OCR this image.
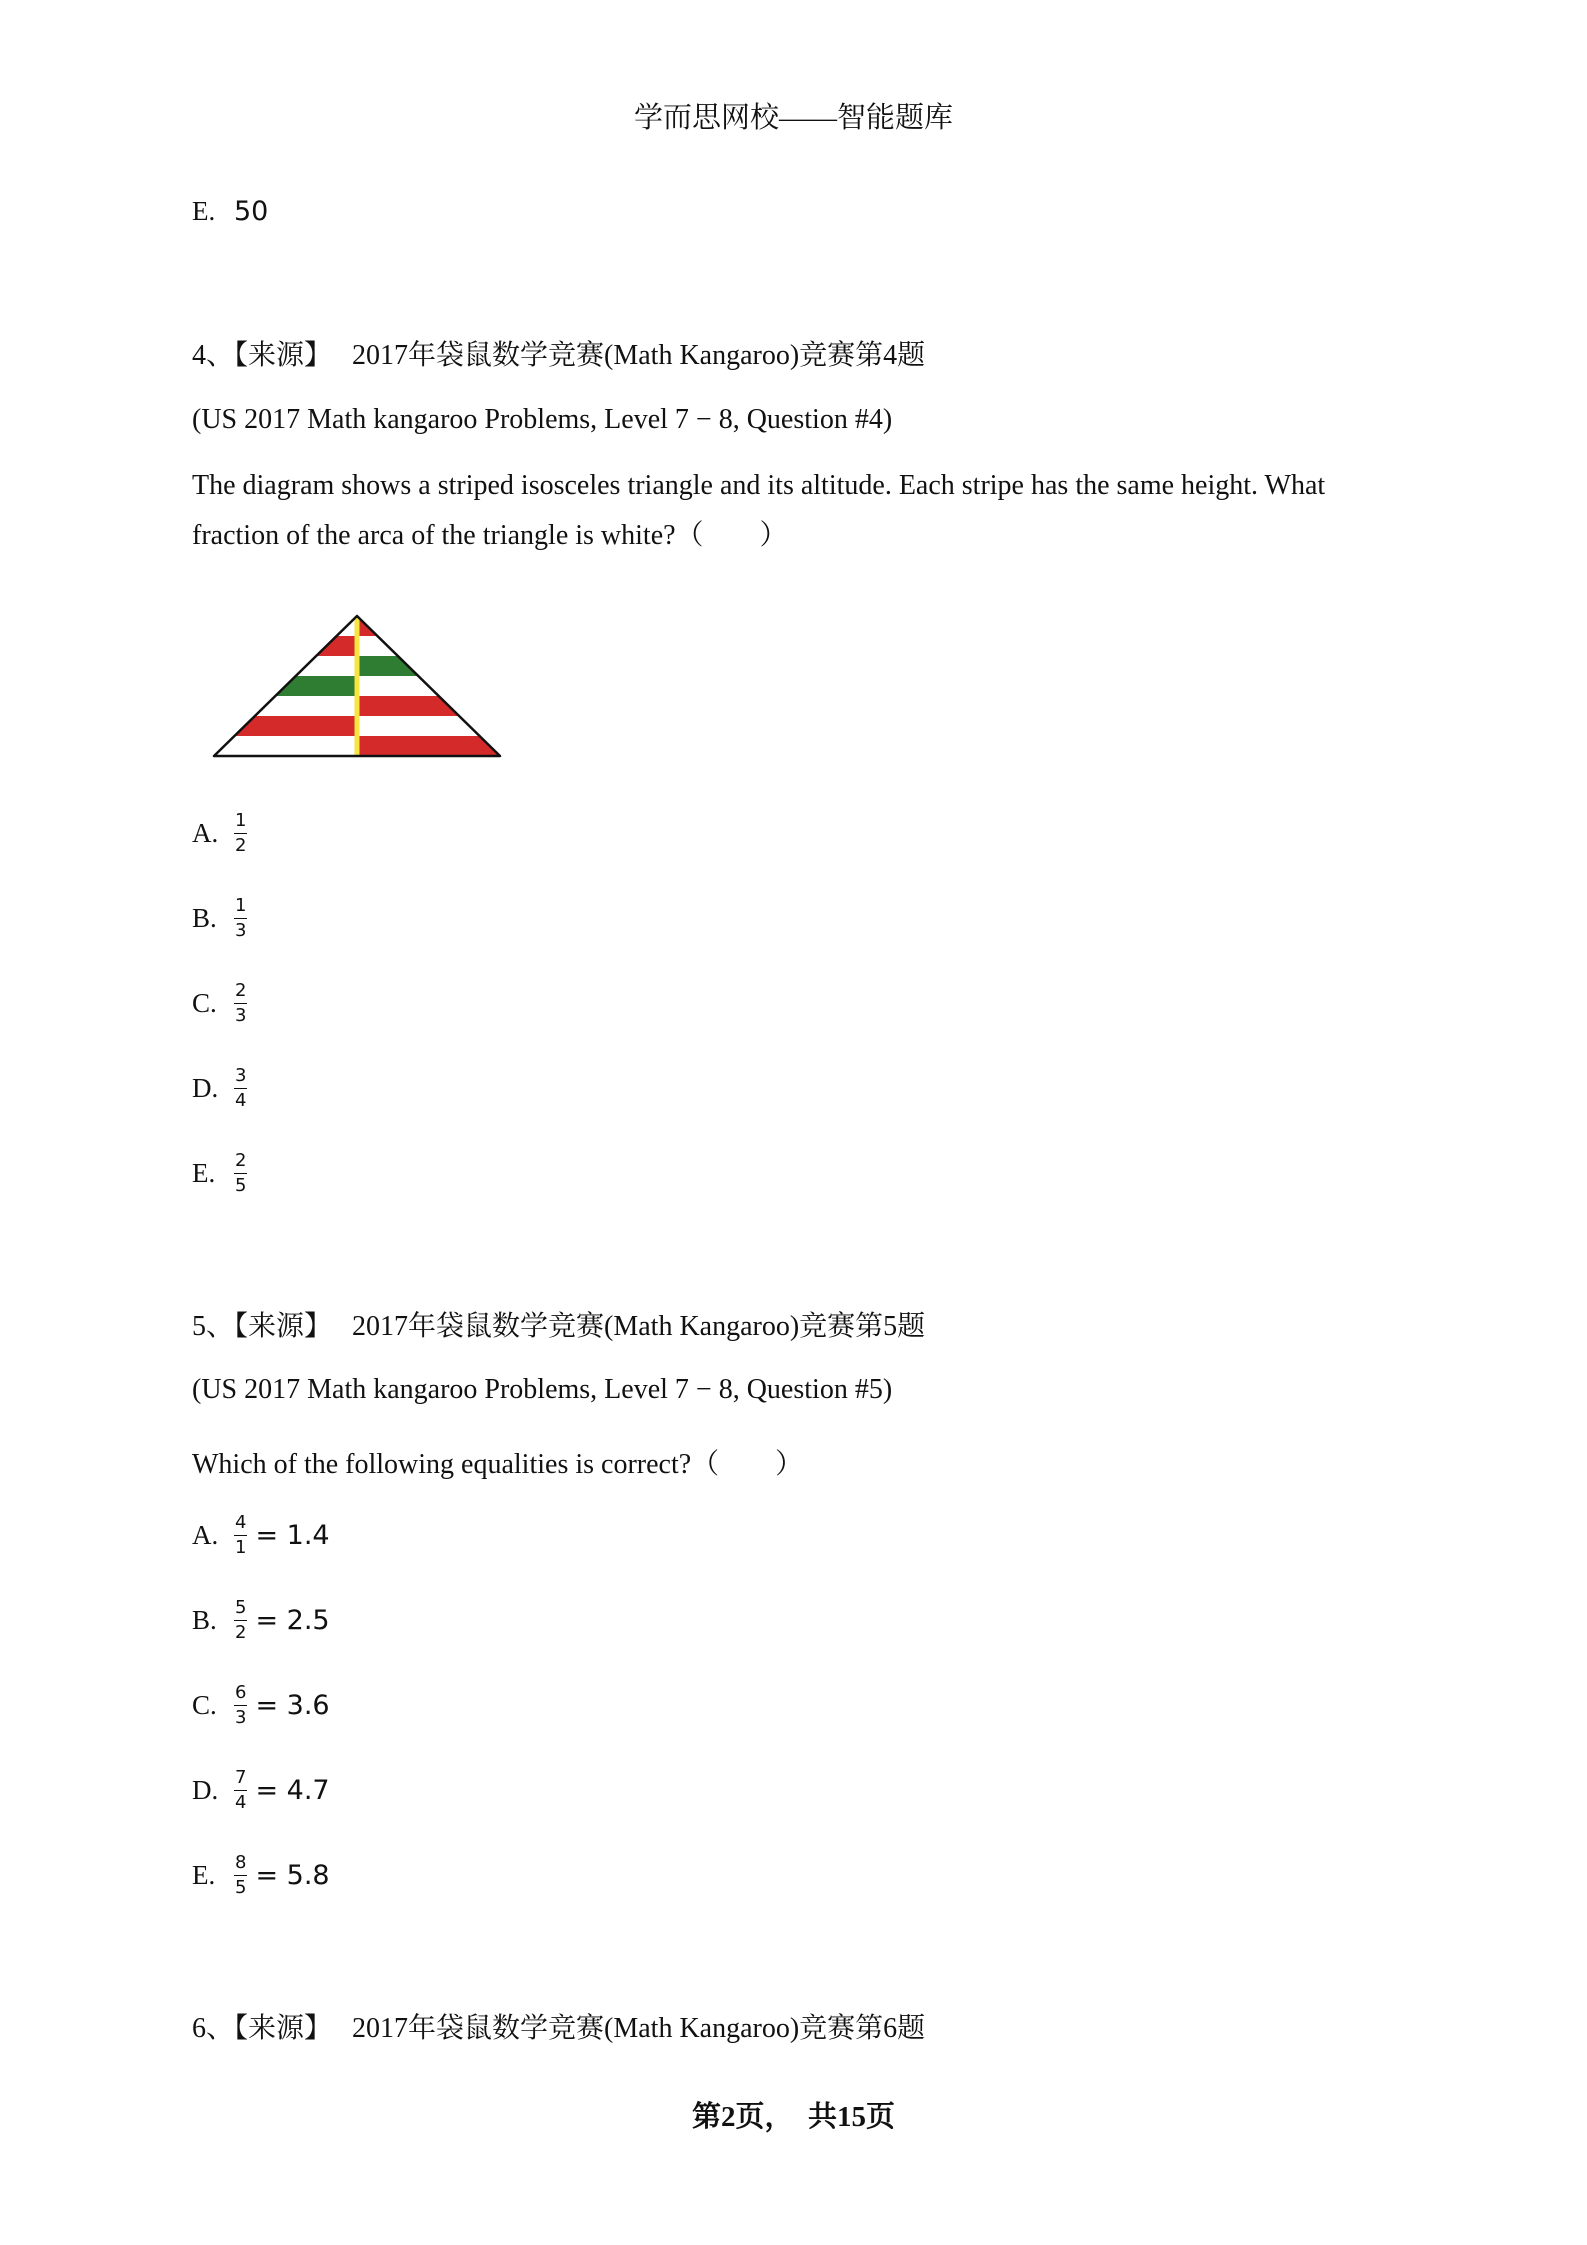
学而思网校——智能题库
E. 50
4、【来源】 2017年袋鼠数学竞赛(Math Kangaroo)竞赛第4题
(US 2017 Math kangaroo Problems, Level 7 − 8, Question #4)
The diagram shows a striped isosceles triangle and its altitude. Each stripe has the same height. What fraction of the arca of the triangle is white?（　　）
A. $\frac{1}{2}$
B. $\frac{1}{3}$
C. $\frac{2}{3}$
D. $\frac{3}{4}$
E.	$\frac{2}{5}$
5、【来源】 2017年袋鼠数学竞赛(Math Kangaroo)竞赛第5题
(US 2017 Math kangaroo Problems, Level 7 − 8, Question #5)
Which of the following equalities is correct?（　　）
A. $\frac{4}{1} = 1.4$
B. $\frac{5}{2} = 2.5$
C. $\frac{6}{3} = 3.6$
D. $\frac{7}{4} = 4.7$
E.	$\frac{8}{5} = 5.8$
6、【来源】 2017年袋鼠数学竞赛(Math Kangaroo)竞赛第6题
第2页，　共15页
